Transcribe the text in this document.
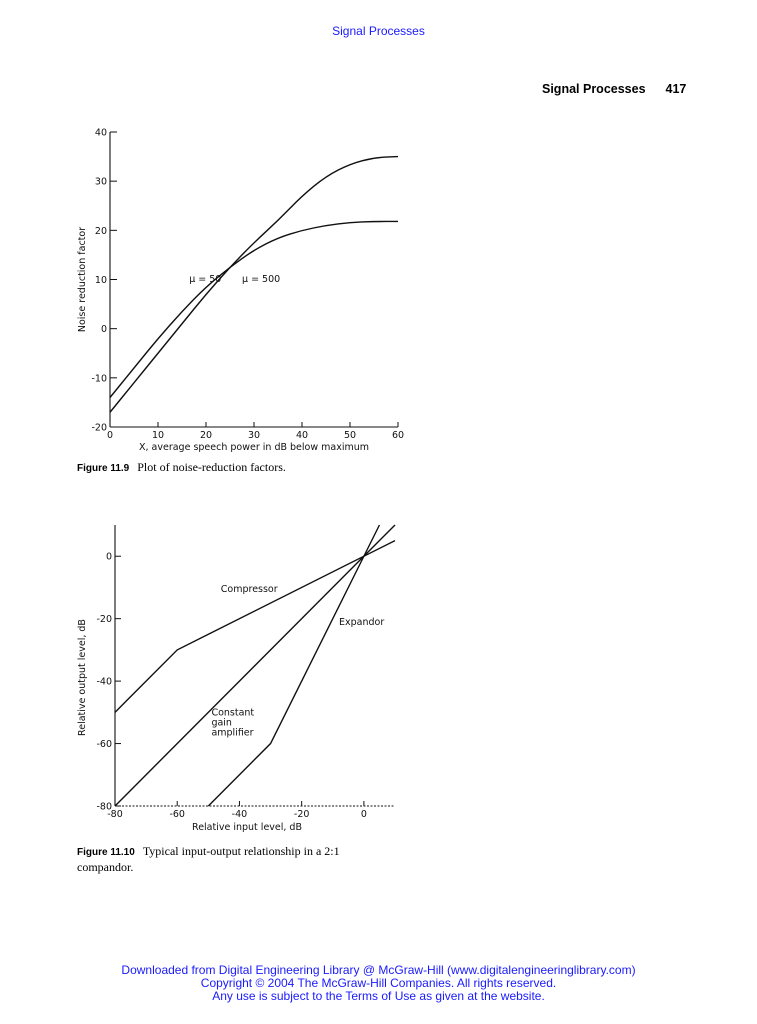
Signal Processes
Signal Processes 417
0	10	20	30	40	50	60
-20
-10
0
10
20
30
40
X, average speech power in dB below maximum
Noise reduction factor	μ = 50 μ = 500
Figure 11.9 Plot of noise-reduction factors.
-80	-60	-40	-20	0
-80
-60
-40
-20
0
Relative input level, dB
Relative output level, dB
Compressor
Constant
gain
amplifier
Expandor
Figure 11.10 Typical input-output relationship in a 2:1 compandor.
Downloaded from Digital Engineering Library @ McGraw-Hill (www.digitalengineeringlibrary.com)
Copyright © 2004 The McGraw-Hill Companies. All rights reserved.
Any use is subject to the Terms of Use as given at the website.
